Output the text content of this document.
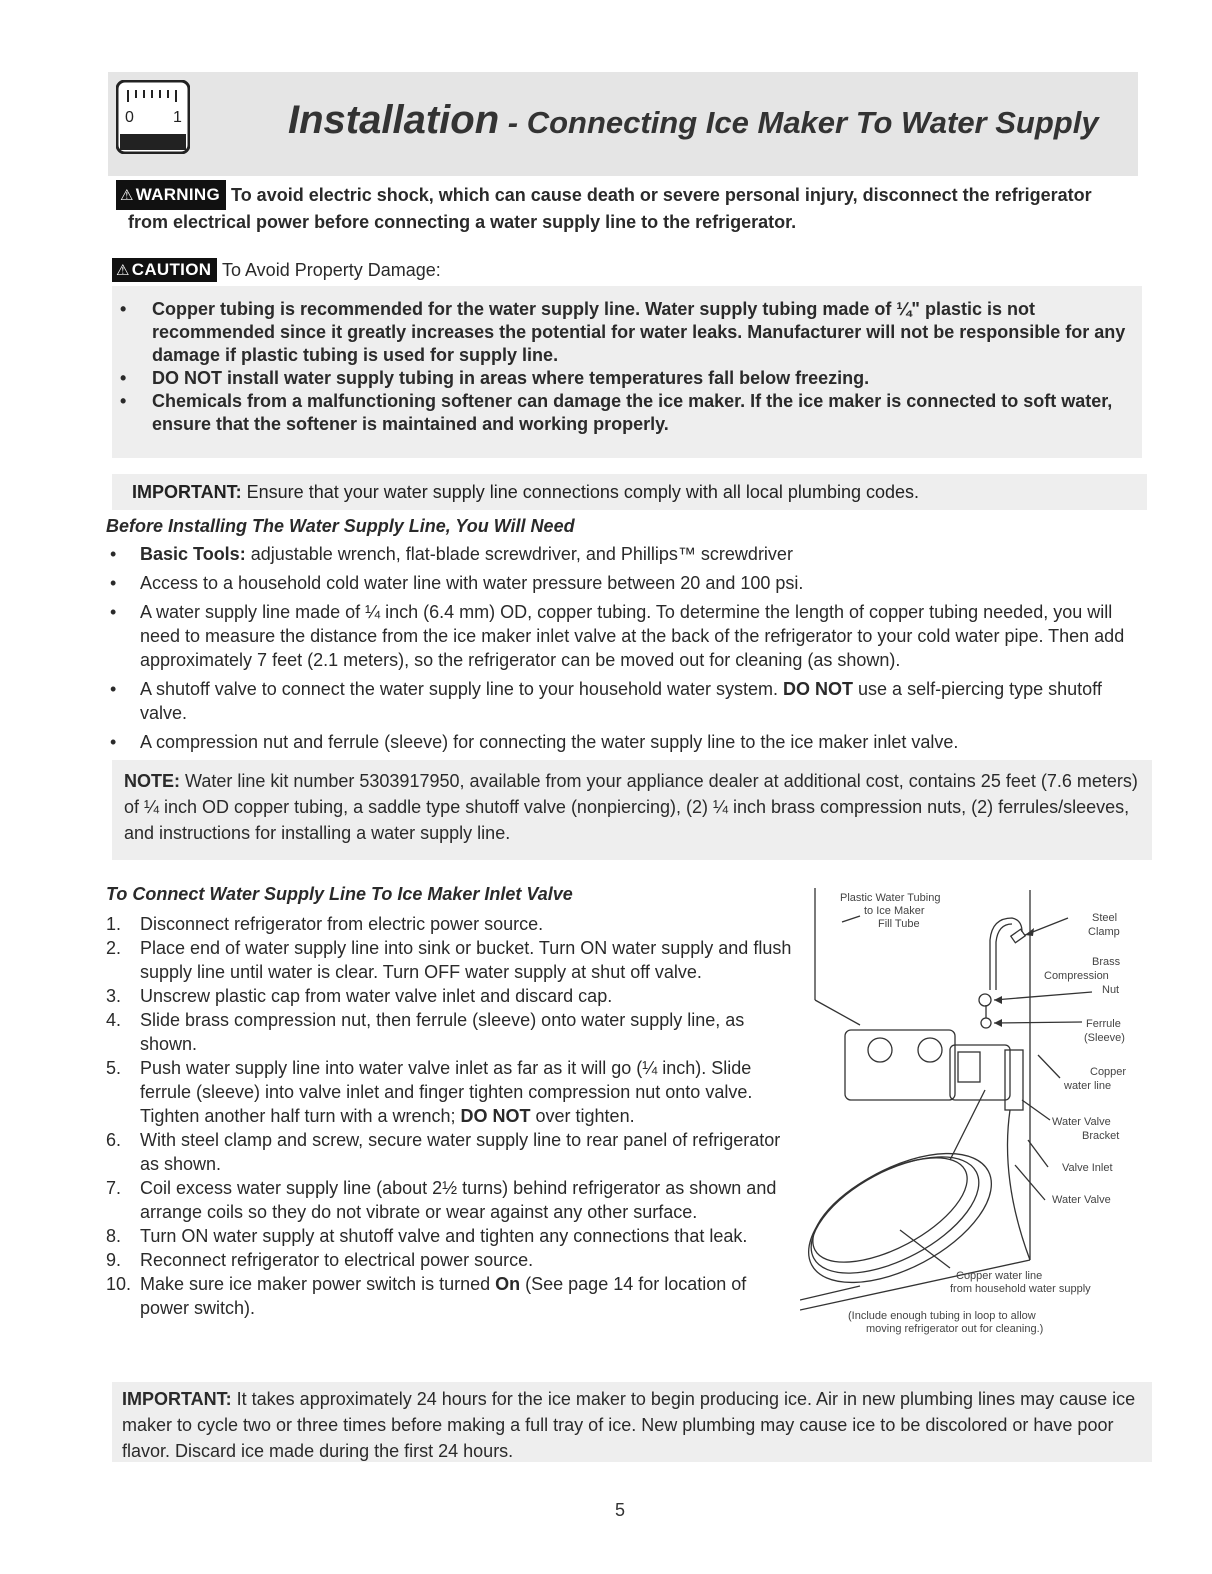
0 1	Installation - Connecting Ice Maker To Water Supply
⚠ WARNING To avoid electric shock, which can cause death or severe personal injury, disconnect the refrigerator
from electrical power before connecting a water supply line to the refrigerator.
⚠ CAUTION To Avoid Property Damage:
• Copper tubing is recommended for the water supply line. Water supply tubing made of ¼" plastic is not recommended since it greatly increases the potential for water leaks. Manufacturer will not be responsible for any damage if plastic tubing is used for supply line.
• DO NOT install water supply tubing in areas where temperatures fall below freezing.
• Chemicals from a malfunctioning softener can damage the ice maker. If the ice maker is connected to soft water, ensure that the softener is maintained and working properly.
IMPORTANT: Ensure that your water supply line connections comply with all local plumbing codes.
Before Installing The Water Supply Line, You Will Need
• Basic Tools: adjustable wrench, flat-blade screwdriver, and Phillips™ screwdriver
• Access to a household cold water line with water pressure between 20 and 100 psi.
• A water supply line made of ¼ inch (6.4 mm) OD, copper tubing. To determine the length of copper tubing needed, you will need to measure the distance from the ice maker inlet valve at the back of the refrigerator to your cold water pipe. Then add approximately 7 feet (2.1 meters), so the refrigerator can be moved out for cleaning (as shown).
• A shutoff valve to connect the water supply line to your household water system. DO NOT use a self-piercing type shutoff valve.
• A compression nut and ferrule (sleeve) for connecting the water supply line to the ice maker inlet valve.
NOTE: Water line kit number 5303917950, available from your appliance dealer at additional cost, contains 25 feet (7.6 meters) of ¼ inch OD copper tubing, a saddle type shutoff valve (nonpiercing), (2) ¼ inch brass compression nuts, (2) ferrules/sleeves, and instructions for installing a water supply line.
To Connect Water Supply Line To Ice Maker Inlet Valve
1.	Disconnect refrigerator from electric power source.
2.	Place end of water supply line into sink or bucket. Turn ON water supply and flush supply line until water is clear. Turn OFF water supply at shut off valve.
3.	Unscrew plastic cap from water valve inlet and discard cap.
4.	Slide brass compression nut, then ferrule (sleeve) onto water supply line, as shown.
5.	Push water supply line into water valve inlet as far as it will go (¼ inch). Slide ferrule (sleeve) into valve inlet and finger tighten compression nut onto valve. Tighten another half turn with a wrench; DO NOT over tighten.
6.	With steel clamp and screw, secure water supply line to rear panel of refrigerator as shown.
7.	Coil excess water supply line (about 2½ turns) behind refrigerator as shown and arrange coils so they do not vibrate or wear against any other surface.
8.	Turn ON water supply at shutoff valve and tighten any connections that leak.
9.	Reconnect refrigerator to electrical power source.
10. Make sure ice maker power switch is turned On (See page 14 for location of power switch).
Plastic Water Tubing
to Ice Maker
Fill Tube	Steel
Clamp
Brass
Compression
Nut
Ferrule
(Sleeve)
Copper
water line
Water Valve
Bracket
Valve Inlet
Water Valve
Copper water line
from household water supply
(Include enough tubing in loop to allow
moving refrigerator out for cleaning.)
IMPORTANT: It takes approximately 24 hours for the ice maker to begin producing ice. Air in new plumbing lines may cause ice maker to cycle two or three times before making a full tray of ice. New plumbing may cause ice to be discolored or have poor flavor. Discard ice made during the first 24 hours.
5
